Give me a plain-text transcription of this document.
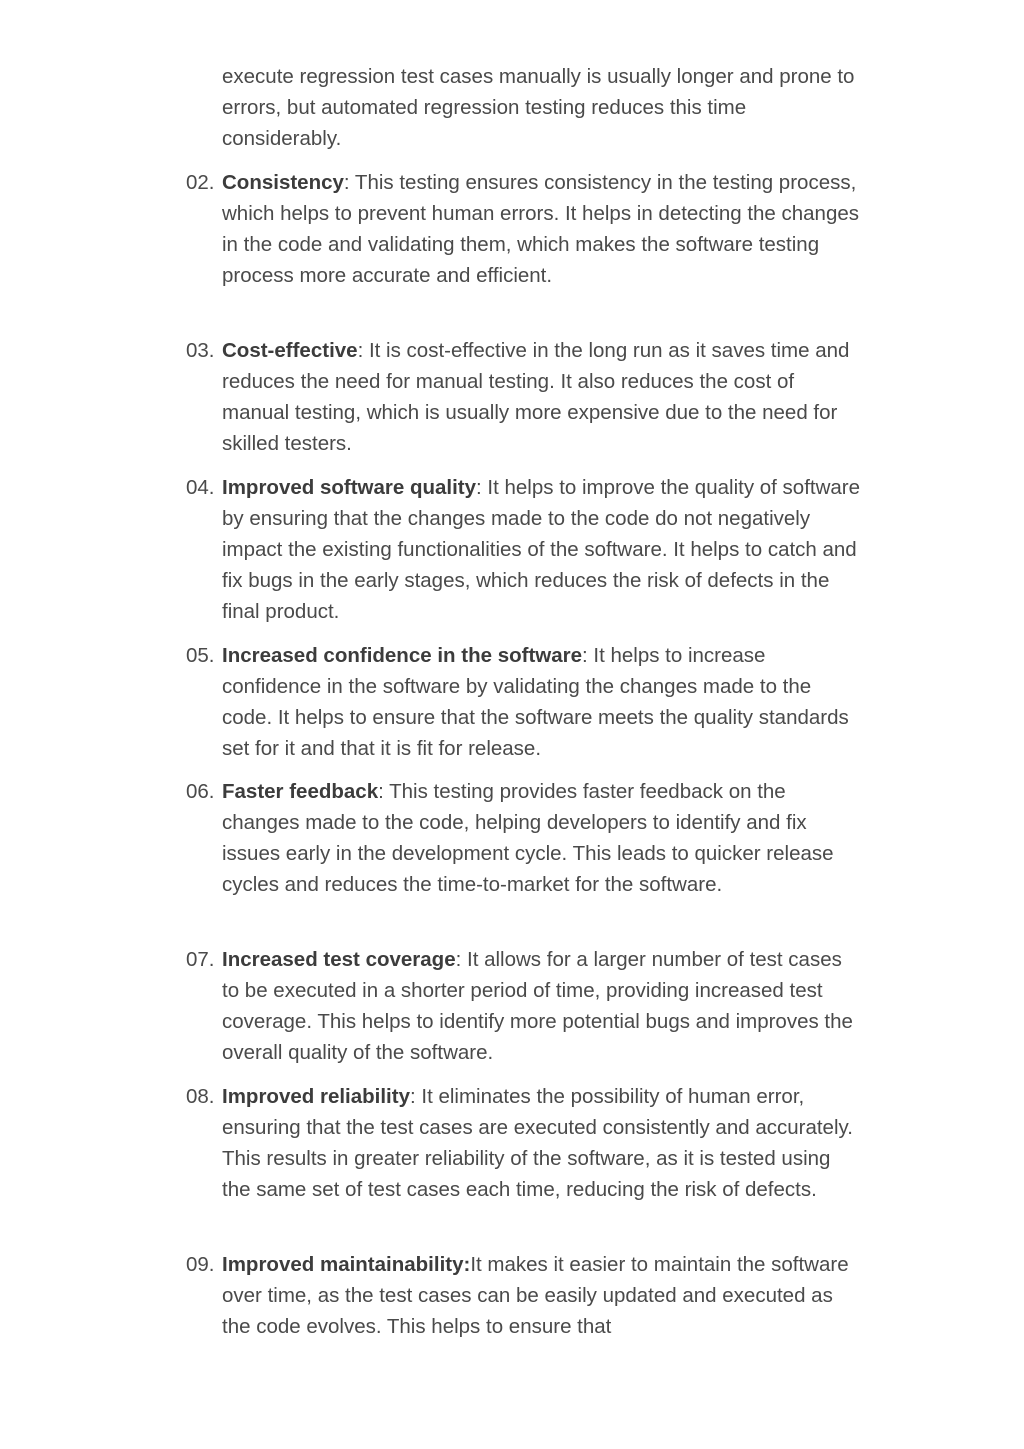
execute regression test cases manually is usually longer and prone to errors, but automated regression testing reduces this time considerably.

02. Consistency: This testing ensures consistency in the testing process, which helps to prevent human errors. It helps in detecting the changes in the code and validating them, which makes the software testing process more accurate and efficient.
03. Cost-effective: It is cost-effective in the long run as it saves time and reduces the need for manual testing. It also reduces the cost of manual testing, which is usually more expensive due to the need for skilled testers.
04. Improved software quality: It helps to improve the quality of software by ensuring that the changes made to the code do not negatively impact the existing functionalities of the software. It helps to catch and fix bugs in the early stages, which reduces the risk of defects in the final product.
05. Increased confidence in the software: It helps to increase confidence in the software by validating the changes made to the code. It helps to ensure that the software meets the quality standards set for it and that it is fit for release.
06. Faster feedback: This testing provides faster feedback on the changes made to the code, helping developers to identify and fix issues early in the development cycle. This leads to quicker release cycles and reduces the time-to-market for the software.
07. Increased test coverage: It allows for a larger number of test cases to be executed in a shorter period of time, providing increased test coverage. This helps to identify more potential bugs and improves the overall quality of the software.
08. Improved reliability: It eliminates the possibility of human error, ensuring that the test cases are executed consistently and accurately. This results in greater reliability of the software, as it is tested using the same set of test cases each time, reducing the risk of defects.
09. Improved maintainability:It makes it easier to maintain the software over time, as the test cases can be easily updated and executed as the code evolves. This helps to ensure that
